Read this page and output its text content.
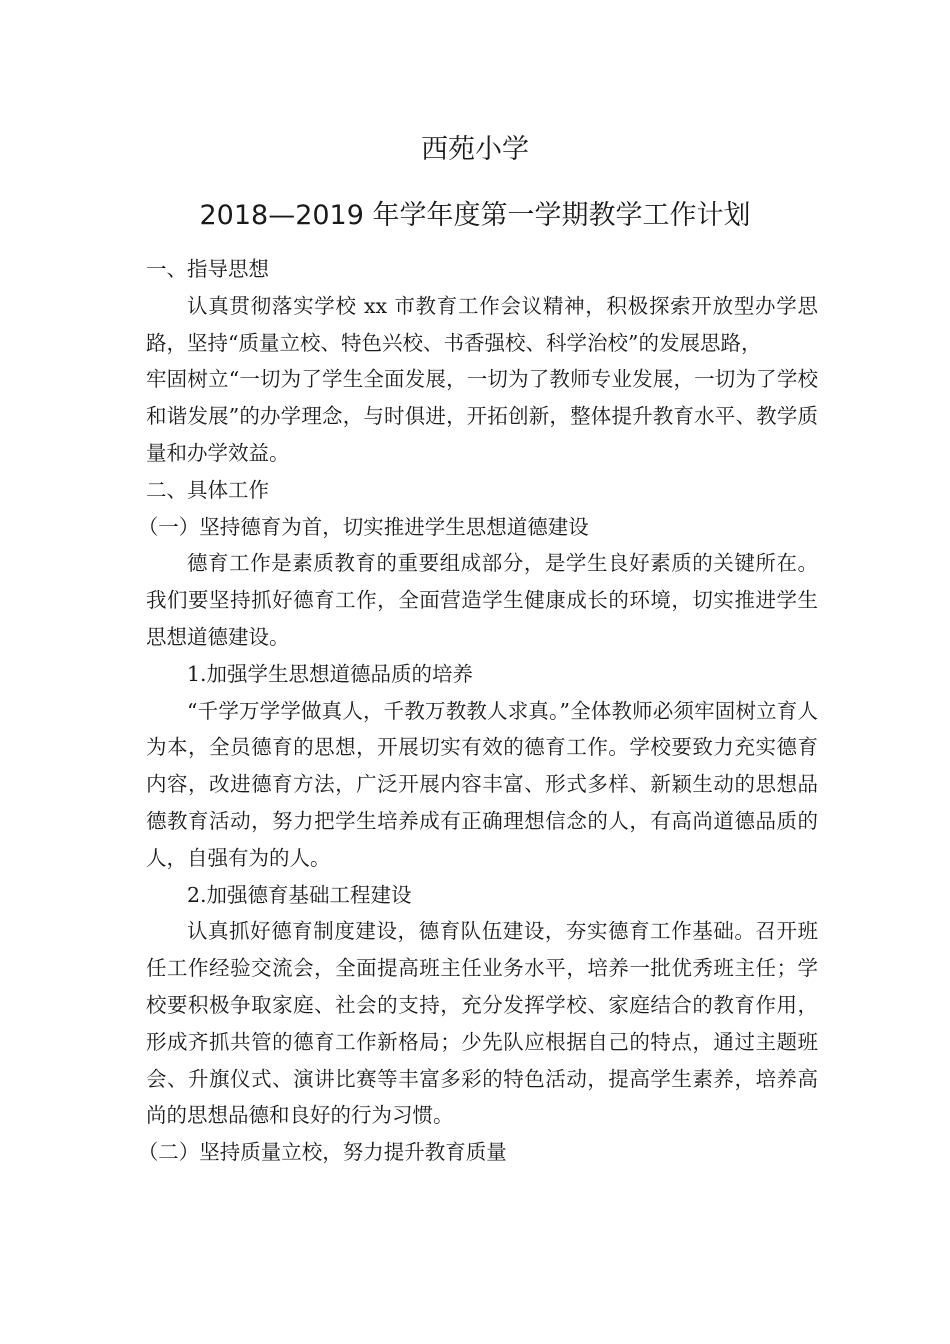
西苑小学
2018—2019 年学年度第一学期教学工作计划

一、指导思想

认真贯彻落实学校 xx 市教育工作会议精神，积极探索开放型办学思路，坚持“质量立校、特色兴校、书香强校、科学治校”的发展思路，

牢固树立“一切为了学生全面发展，一切为了教师专业发展，一切为了学校和谐发展”的办学理念，与时俱进，开拓创新，整体提升教育水平、教学质量和办学效益。

二、具体工作

（一）坚持德育为首，切实推进学生思想道德建设

德育工作是素质教育的重要组成部分，是学生良好素质的关键所在。我们要坚持抓好德育工作，全面营造学生健康成长的环境，切实推进学生思想道德建设。

1.加强学生思想道德品质的培养

“千学万学学做真人，千教万教教人求真。”全体教师必须牢固树立育人为本，全员德育的思想，开展切实有效的德育工作。学校要致力充实德育内容，改进德育方法，广泛开展内容丰富、形式多样、新颖生动的思想品德教育活动，努力把学生培养成有正确理想信念的人，有高尚道德品质的人，自强有为的人。

2.加强德育基础工程建设

认真抓好德育制度建设，德育队伍建设，夯实德育工作基础。召开班任工作经验交流会，全面提高班主任业务水平，培养一批优秀班主任；学校要积极争取家庭、社会的支持，充分发挥学校、家庭结合的教育作用，形成齐抓共管的德育工作新格局；少先队应根据自己的特点，通过主题班会、升旗仪式、演讲比赛等丰富多彩的特色活动，提高学生素养，培养高尚的思想品德和良好的行为习惯。

（二）坚持质量立校，努力提升教育质量
